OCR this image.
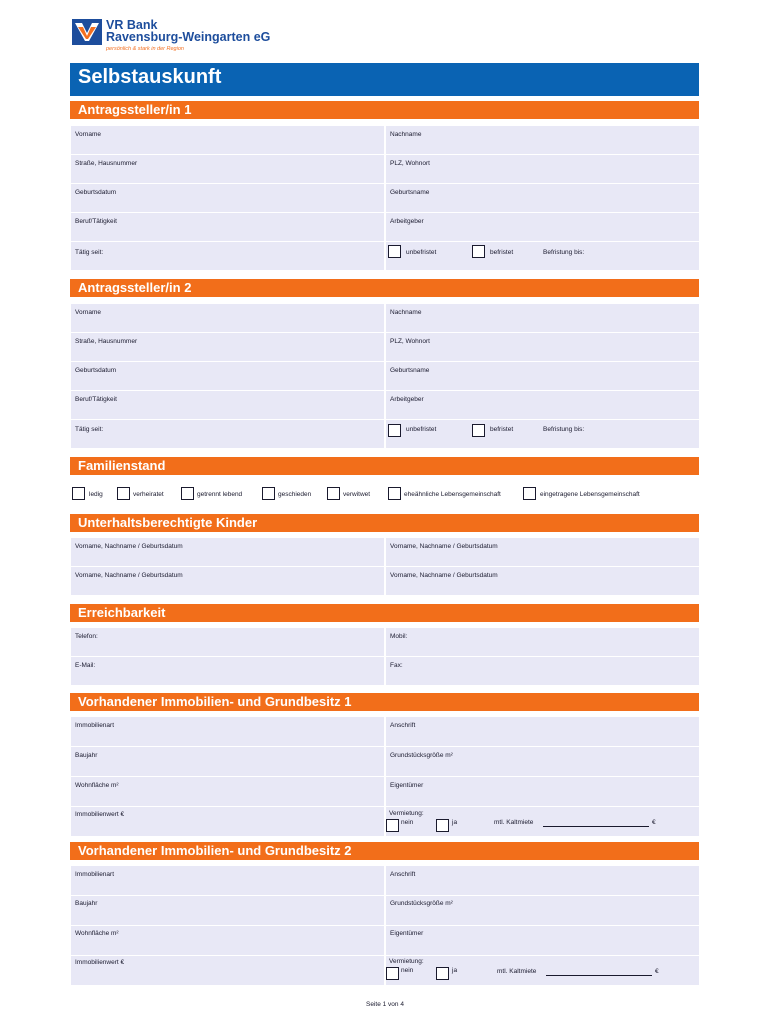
VR Bank
Ravensburg-Weingarten eG
persönlich & stark in der Region
Selbstauskunft
Antragssteller/in 1
Vorname	Nachname
Straße, Hausnummer	PLZ, Wohnort
Geburtsdatum	Geburtsname
Beruf/Tätigkeit	Arbeitgeber
Tätig seit:	unbefristet	befristet	Befristung bis:
Antragssteller/in 2
Vorname	Nachname
Straße, Hausnummer	PLZ, Wohnort
Geburtsdatum	Geburtsname
Beruf/Tätigkeit	Arbeitgeber
Tätig seit:	unbefristet	befristet	Befristung bis:
Familienstand
ledig	verheiratet	getrennt lebend	geschieden	verwitwet	eheähnliche Lebensgemeinschaft	eingetragene Lebensgemeinschaft
Unterhaltsberechtigte Kinder
Vorname, Nachname / Geburtsdatum	Vorname, Nachname / Geburtsdatum
Vorname, Nachname / Geburtsdatum	Vorname, Nachname / Geburtsdatum
Erreichbarkeit
Telefon:	Mobil:
E-Mail:	Fax:
Vorhandener Immobilien- und Grundbesitz 1
Immobilienart	Anschrift
Baujahr	Grundstücksgröße m²
Wohnfläche m²	Eigentümer
Immobilienwert €	Vermietung:
nein	ja	mtl. Kaltmiete	€
Vorhandener Immobilien- und Grundbesitz 2
Immobilienart	Anschrift
Baujahr	Grundstücksgröße m²
Wohnfläche m²	Eigentümer
Immobilienwert €	Vermietung:
nein	ja	mtl. Kaltmiete	€
Seite 1 von 4
